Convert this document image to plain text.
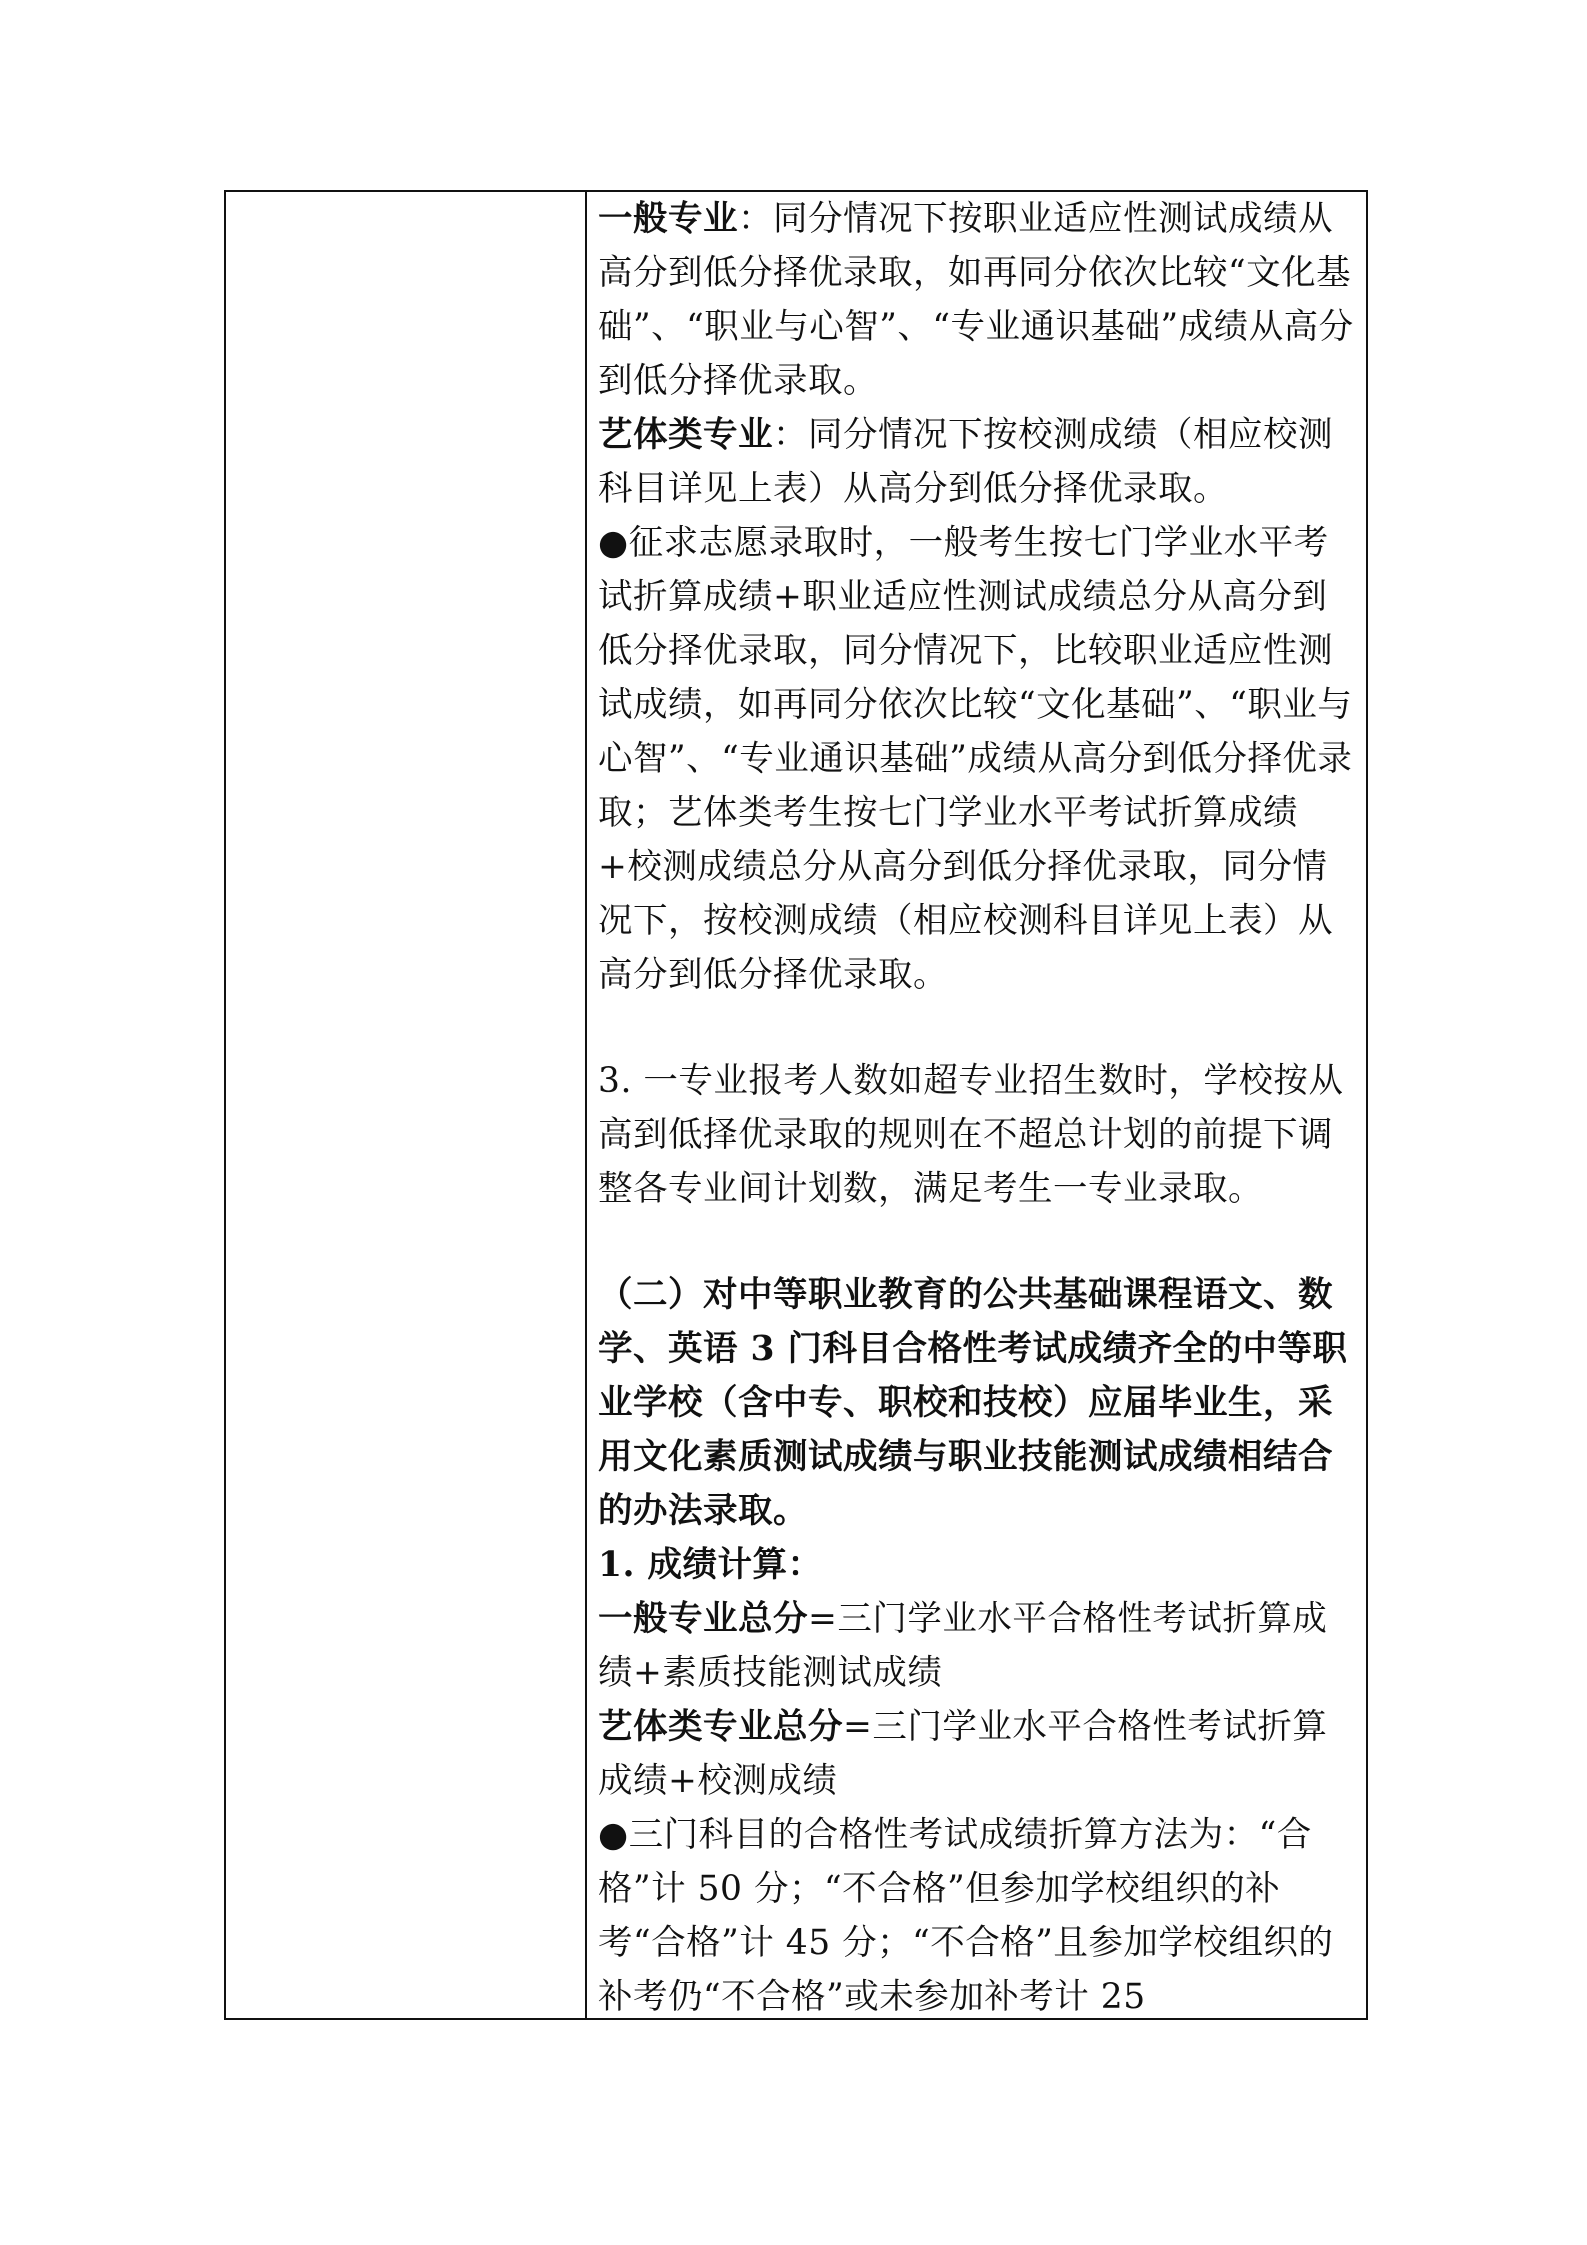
一般专业：同分情况下按职业适应性测试成绩从高分到低分择优录取，如再同分依次比较“文化基础”、“职业与心智”、“专业通识基础”成绩从高分到低分择优录取。

艺体类专业：同分情况下按校测成绩（相应校测科目详见上表）从高分到低分择优录取。

●征求志愿录取时，一般考生按七门学业水平考试折算成绩+职业适应性测试成绩总分从高分到低分择优录取，同分情况下，比较职业适应性测试成绩，如再同分依次比较“文化基础”、“职业与心智”、“专业通识基础”成绩从高分到低分择优录取；艺体类考生按七门学业水平考试折算成绩+校测成绩总分从高分到低分择优录取，同分情况下，按校测成绩（相应校测科目详见上表）从高分到低分择优录取。

3. 一专业报考人数如超专业招生数时，学校按从高到低择优录取的规则在不超总计划的前提下调整各专业间计划数，满足考生一专业录取。

（二）对中等职业教育的公共基础课程语文、数学、英语 3 门科目合格性考试成绩齐全的中等职业学校（含中专、职校和技校）应届毕业生，采用文化素质测试成绩与职业技能测试成绩相结合的办法录取。

1. 成绩计算：

一般专业总分=三门学业水平合格性考试折算成绩+素质技能测试成绩

艺体类专业总分=三门学业水平合格性考试折算成绩+校测成绩

●三门科目的合格性考试成绩折算方法为：“合格”计 50 分；“不合格”但参加学校组织的补考“合格”计 45 分；“不合格”且参加学校组织的补考仍“不合格”或未参加补考计 25
